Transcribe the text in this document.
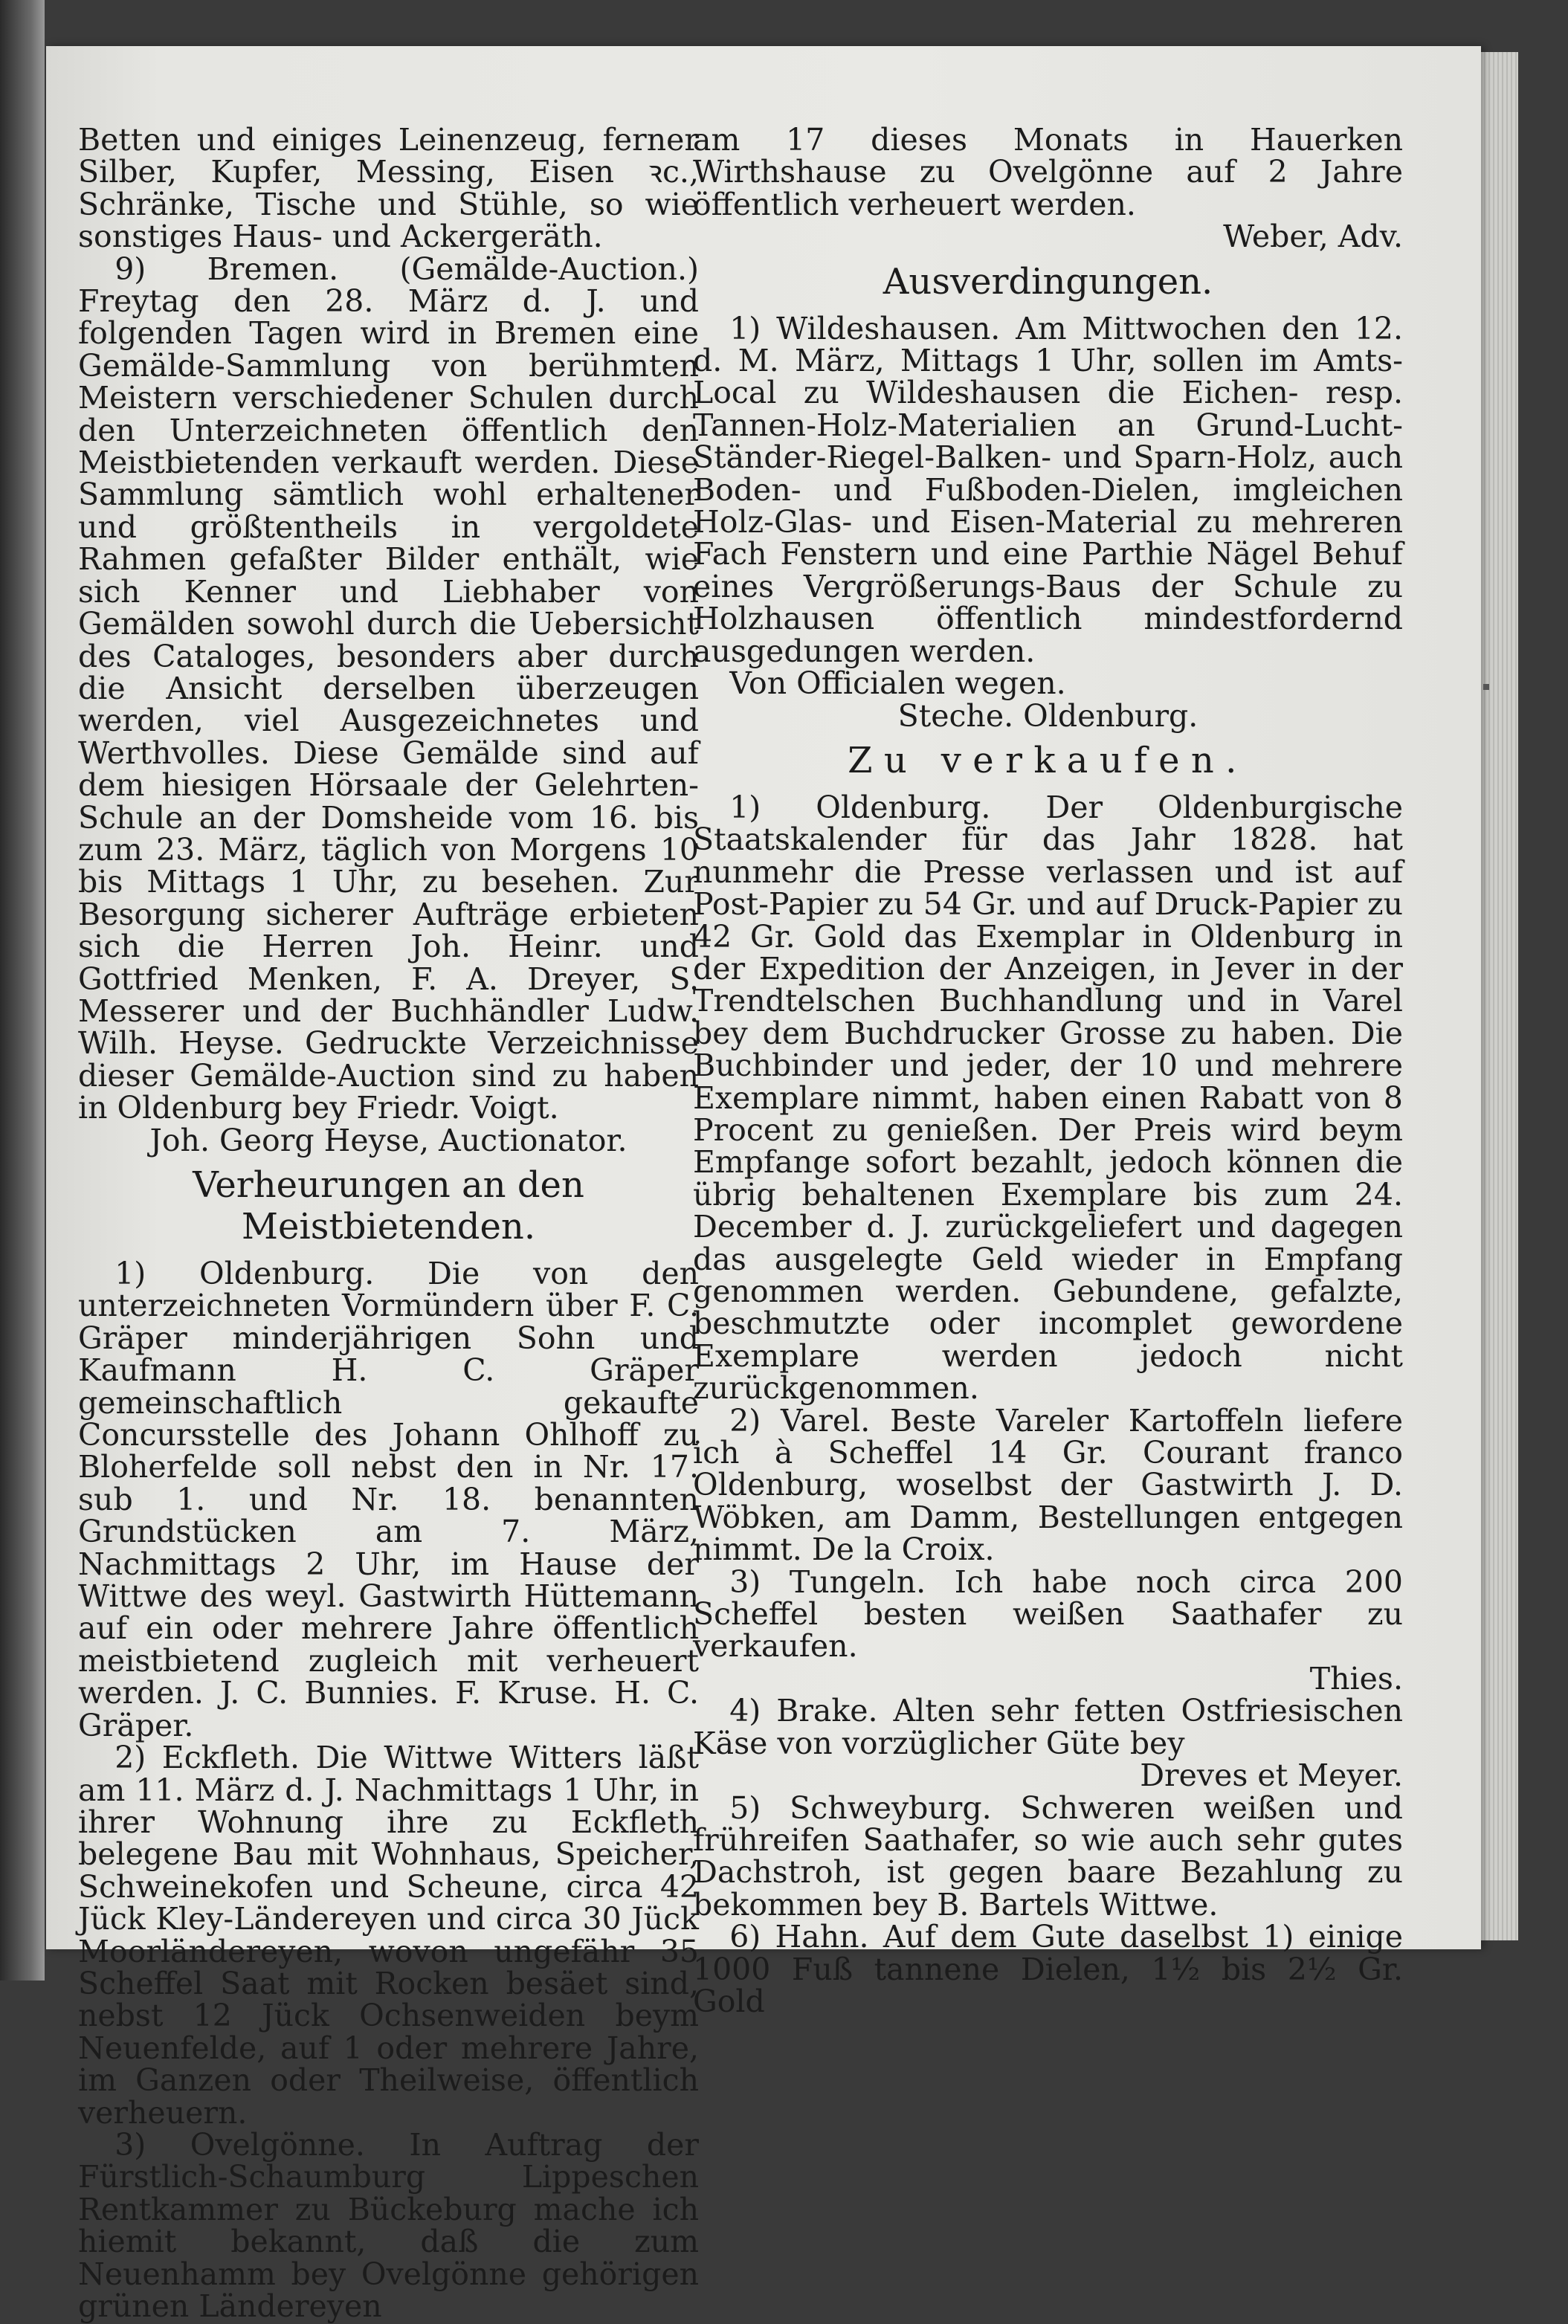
Betten und einiges Leinenzeug, ferner Silber, Kupfer, Messing, Eisen ꝛc., Schränke, Tische und Stühle, so wie sonstiges Haus- und Ackergeräth.

9) Bremen. (Gemälde-Auction.) Freytag den 28. März d. J. und folgenden Tagen wird in Bremen eine Gemälde-Sammlung von berühmten Meistern verschiedener Schulen durch den Unterzeichneten öffentlich den Meistbietenden verkauft werden. Diese Sammlung sämtlich wohl erhaltener und größtentheils in vergoldete Rahmen gefaßter Bilder enthält, wie sich Kenner und Liebhaber von Gemälden sowohl durch die Uebersicht des Cataloges, besonders aber durch die Ansicht derselben überzeugen werden, viel Ausgezeichnetes und Werthvolles. Diese Gemälde sind auf dem hiesigen Hörsaale der Gelehrten-Schule an der Domsheide vom 16. bis zum 23. März, täglich von Morgens 10 bis Mittags 1 Uhr, zu besehen. Zur Besorgung sicherer Aufträge erbieten sich die Herren Joh. Heinr. und Gottfried Menken, F. A. Dreyer, S. Messerer und der Buchhändler Ludw. Wilh. Heyse. Gedruckte Verzeichnisse dieser Gemälde-Auction sind zu haben in Oldenburg bey Friedr. Voigt.

Joh. Georg Heyse, Auctionator.

Verheurungen an den Meistbietenden.

1) Oldenburg. Die von den unterzeichneten Vormündern über F. C. Gräper minderjährigen Sohn und Kaufmann H. C. Gräper gemeinschaftlich gekaufte Concursstelle des Johann Ohlhoff zu Bloherfelde soll nebst den in Nr. 17. sub 1. und Nr. 18. benannten Grundstücken am 7. März, Nachmittags 2 Uhr, im Hause der Wittwe des weyl. Gastwirth Hüttemann auf ein oder mehrere Jahre öffentlich meistbietend zugleich mit verheuert werden. J. C. Bunnies. F. Kruse. H. C. Gräper.

2) Eckfleth. Die Wittwe Witters läßt am 11. März d. J. Nachmittags 1 Uhr, in ihrer Wohnung ihre zu Eckfleth belegene Bau mit Wohnhaus, Speicher, Schweinekofen und Scheune, circa 42 Jück Kley-Ländereyen und circa 30 Jück Moorländereyen, wovon ungefähr 35 Scheffel Saat mit Rocken besäet sind, nebst 12 Jück Ochsenweiden beym Neuenfelde, auf 1 oder mehrere Jahre, im Ganzen oder Theilweise, öffentlich verheuern.

3) Ovelgönne. In Auftrag der Fürstlich-Schaumburg Lippeschen Rentkammer zu Bückeburg mache ich hiemit bekannt, daß die zum Neuenhamm bey Ovelgönne gehörigen grünen Ländereyen

am 17 dieses Monats in Hauerken Wirthshause zu Ovelgönne auf 2 Jahre öffentlich verheuert werden.

Weber, Adv.

Ausverdingungen.

1) Wildeshausen. Am Mittwochen den 12. d. M. März, Mittags 1 Uhr, sollen im Amts-Local zu Wildeshausen die Eichen- resp. Tannen-Holz-Materialien an Grund-Lucht-Ständer-Riegel-Balken- und Sparn-Holz, auch Boden- und Fußboden-Dielen, imgleichen Holz-Glas- und Eisen-Material zu mehreren Fach Fenstern und eine Parthie Nägel Behuf eines Vergrößerungs-Baus der Schule zu Holzhausen öffentlich mindestfordernd ausgedungen werden.

Von Officialen wegen.

Steche. Oldenburg.

Zu verkaufen.

1) Oldenburg. Der Oldenburgische Staatskalender für das Jahr 1828. hat nunmehr die Presse verlassen und ist auf Post-Papier zu 54 Gr. und auf Druck-Papier zu 42 Gr. Gold das Exemplar in Oldenburg in der Expedition der Anzeigen, in Jever in der Trendtelschen Buchhandlung und in Varel bey dem Buchdrucker Grosse zu haben. Die Buchbinder und jeder, der 10 und mehrere Exemplare nimmt, haben einen Rabatt von 8 Procent zu genießen. Der Preis wird beym Empfange sofort bezahlt, jedoch können die übrig behaltenen Exemplare bis zum 24. December d. J. zurückgeliefert und dagegen das ausgelegte Geld wieder in Empfang genommen werden. Gebundene, gefalzte, beschmutzte oder incomplet gewordene Exemplare werden jedoch nicht zurückgenommen.

2) Varel. Beste Vareler Kartoffeln liefere ich à Scheffel 14 Gr. Courant franco Oldenburg, woselbst der Gastwirth J. D. Wöbken, am Damm, Bestellungen entgegen nimmt. De la Croix.

3) Tungeln. Ich habe noch circa 200 Scheffel besten weißen Saathafer zu verkaufen.

Thies.

4) Brake. Alten sehr fetten Ostfriesischen Käse von vorzüglicher Güte bey

Dreves et Meyer.

5) Schweyburg. Schweren weißen und frühreifen Saathafer, so wie auch sehr gutes Dachstroh, ist gegen baare Bezahlung zu bekommen bey B. Bartels Wittwe.

6) Hahn. Auf dem Gute daselbst 1) einige 1000 Fuß tannene Dielen, 1½ bis 2½ Gr. Gold
